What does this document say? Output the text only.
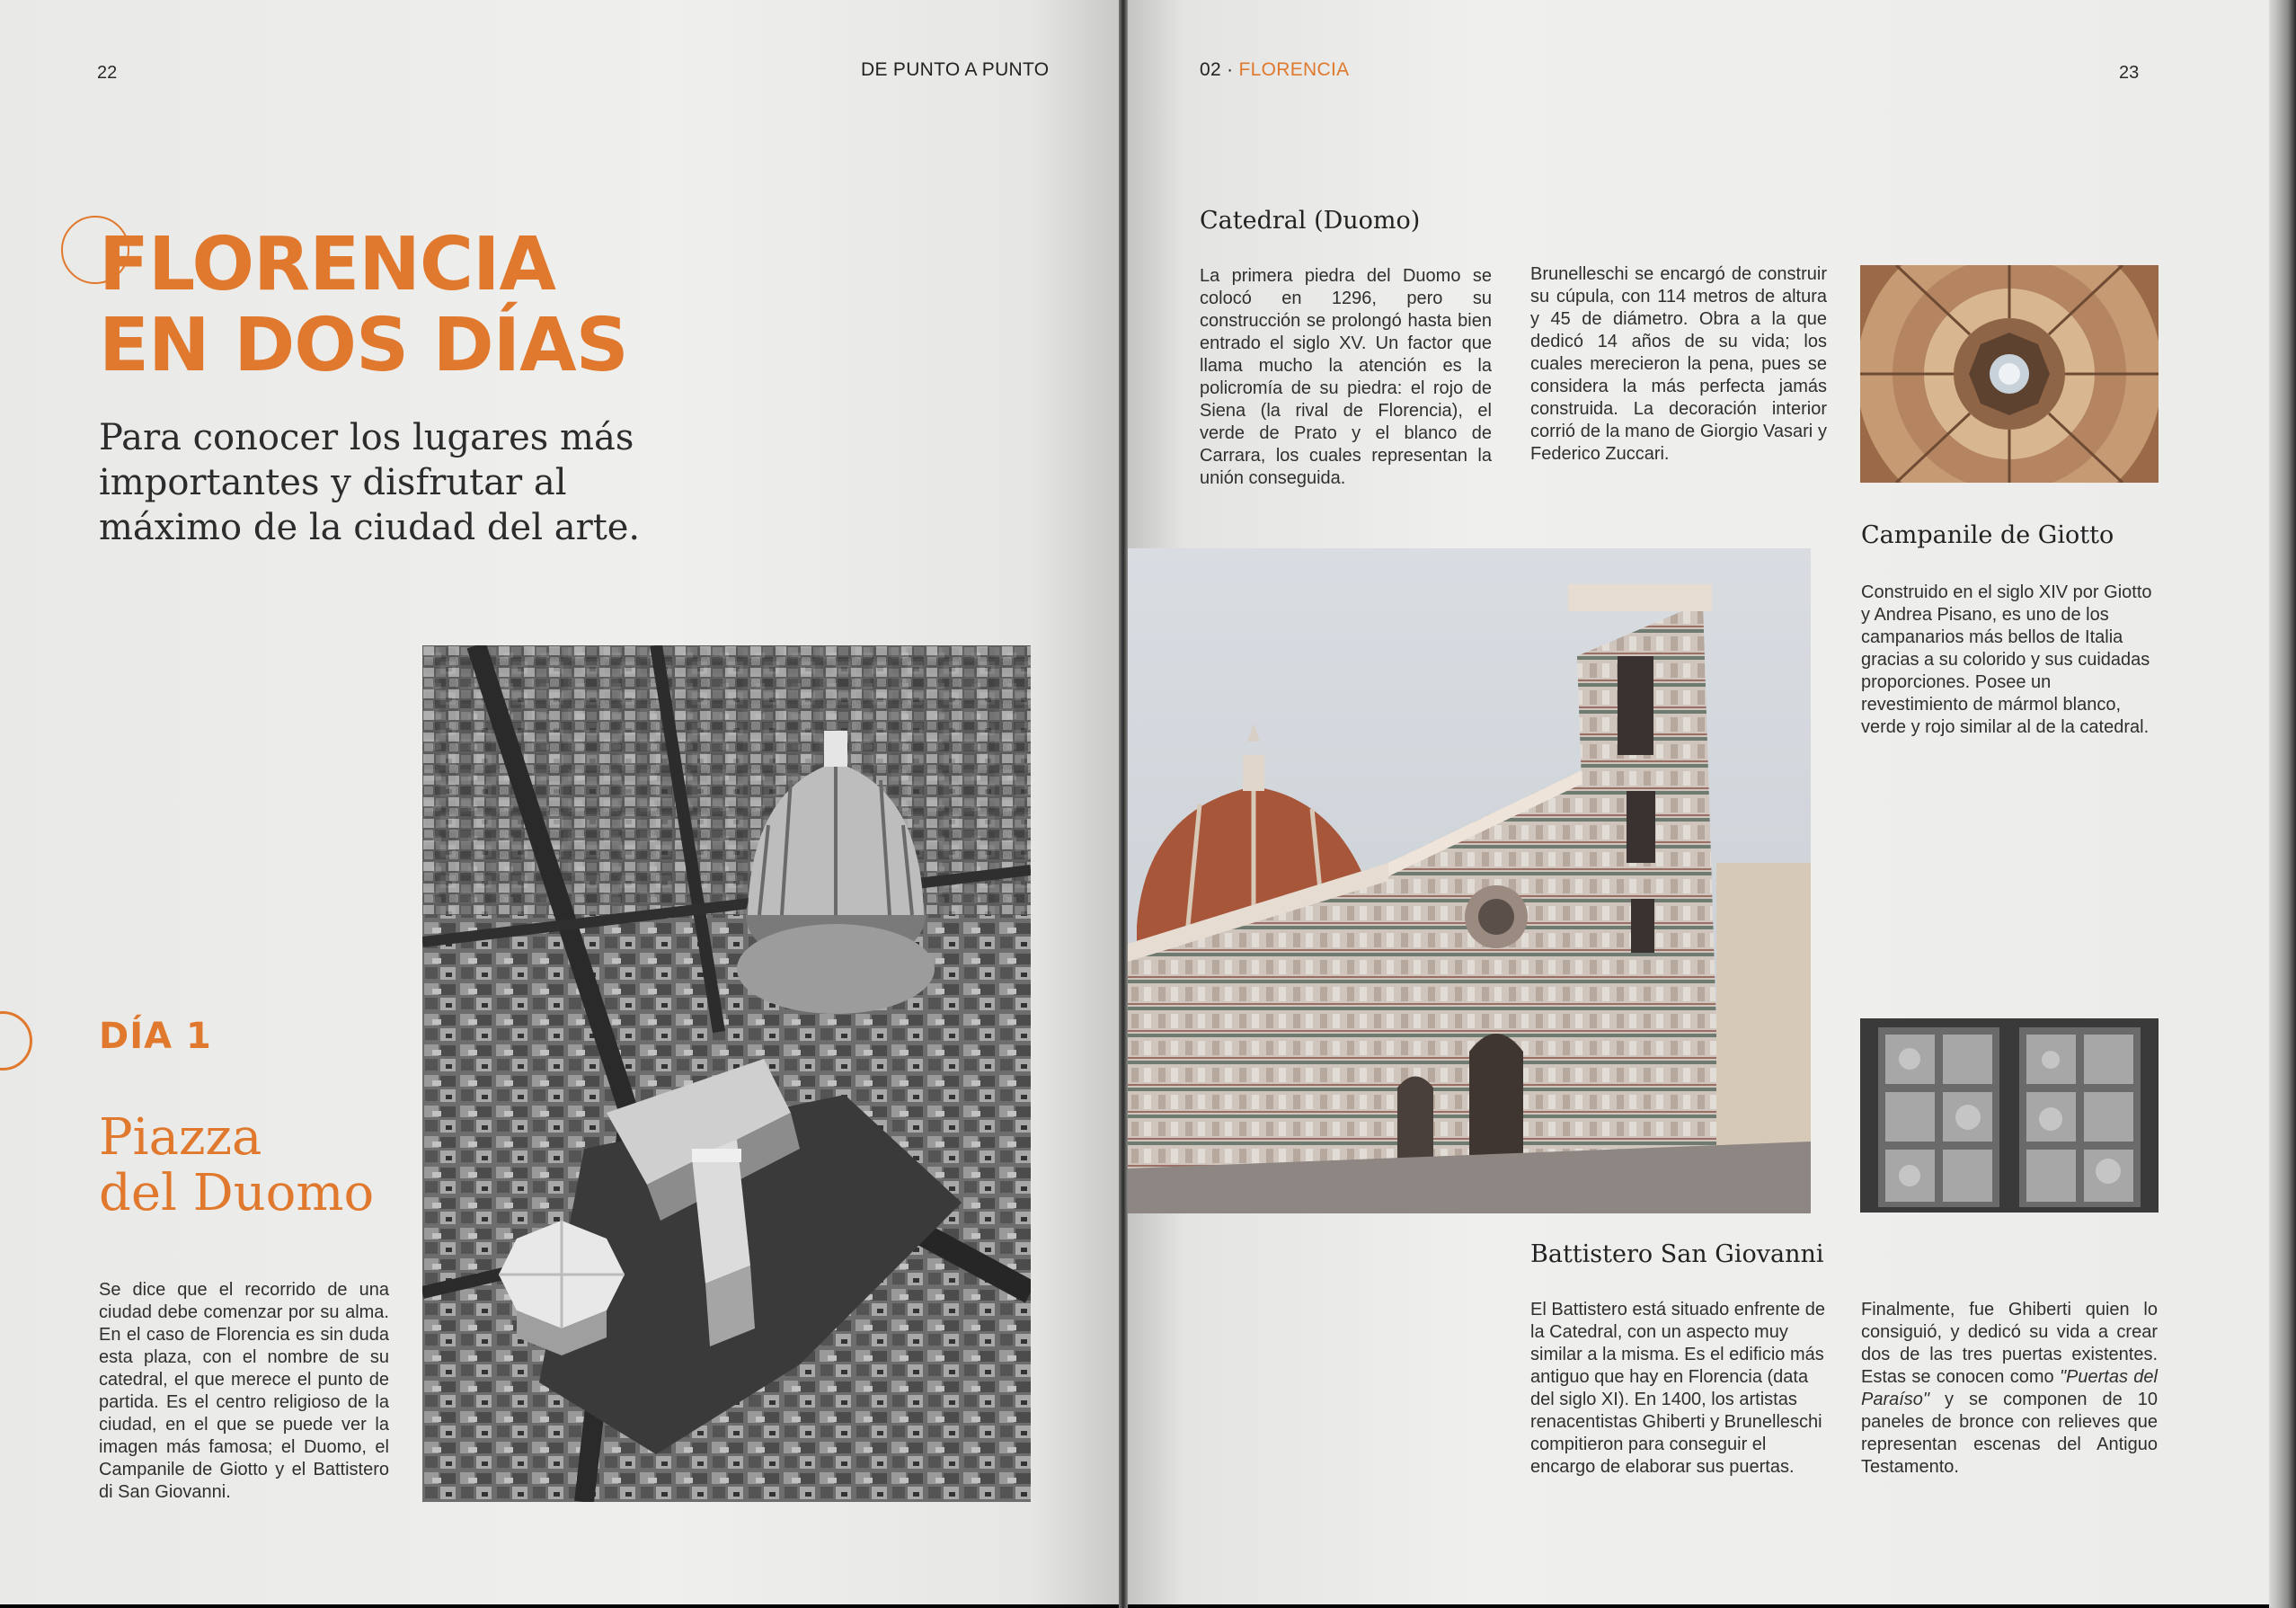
22	DE PUNTO A PUNTO
FLORENCIA
EN DOS DÍAS
Para conocer los lugares más
importantes y disfrutar al
máximo de la ciudad del arte.
DÍA 1
Piazza
del Duomo
Se dice que el recorrido de una ciudad debe comenzar por su alma. En el caso de Florencia es sin duda esta plaza, con el nombre de su catedral, el que merece el punto de partida. Es el centro religioso de la ciudad, en el que se puede ver la imagen más famosa; el Duomo, el Campanile de Giotto y el Battistero di San Giovanni.
02 · FLORENCIA	23
Catedral (Duomo)
La primera piedra del Duomo se colocó en 1296, pero su construcción se prolongó hasta bien entrado el siglo XV. Un factor que llama mucho la atención es la policromía de su piedra: el rojo de Siena (la rival de Florencia), el verde de Prato y el blanco de Carrara, los cuales representan la unión conseguida.
Brunelleschi se encargó de construir su cúpula, con 114 metros de altura y 45 de diámetro. Obra a la que dedicó 14 años de su vida; los cuales merecieron la pena, pues se considera la más perfecta jamás construida. La decoración interior corrió de la mano de Giorgio Vasari y Federico Zuccari.
Campanile de Giotto
Construido en el siglo XIV por Giotto y Andrea Pisano, es uno de los campanarios más bellos de Italia gracias a su colorido y sus cuidadas proporciones. Posee un revestimiento de mármol blanco, verde y rojo similar al de la catedral.
Battistero San Giovanni
El Battistero está situado enfrente de la Catedral, con un aspecto muy similar a la misma. Es el edificio más antiguo que hay en Florencia (data del siglo XI). En 1400, los artistas renacentistas Ghiberti y Brunelleschi compitieron para conseguir el encargo de elaborar sus puertas.
Finalmente, fue Ghiberti quien lo consiguió, y dedicó su vida a crear dos de las tres puertas existentes. Estas se conocen como "Puertas del Paraíso" y se componen de 10 paneles de bronce con relieves que representan escenas del Antiguo Testamento.
